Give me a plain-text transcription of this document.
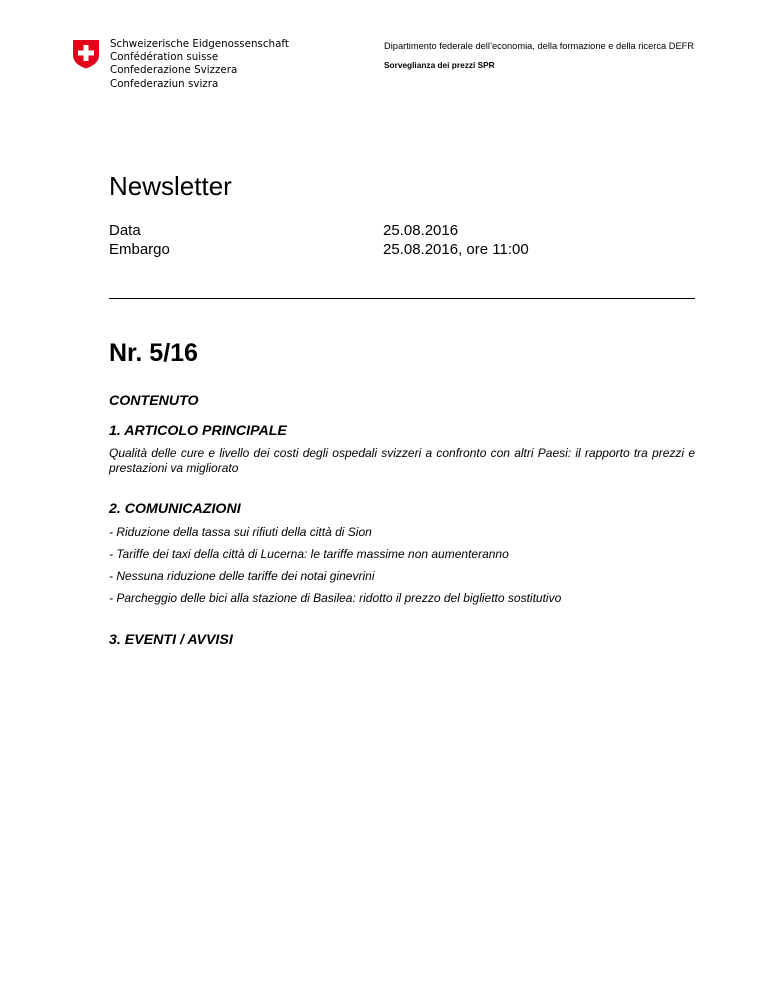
Schweizerische Eidgenossenschaft
Confédération suisse
Confederazione Svizzera
Confederaziun svizra
Dipartimento federale dell’economia, della formazione e della ricerca DEFR
Sorveglianza dei prezzi SPR
Newsletter
Data	25.08.2016
Embargo	25.08.2016, ore 11:00
Nr. 5/16
CONTENUTO
1. ARTICOLO PRINCIPALE

Qualità delle cure e livello dei costi degli ospedali svizzeri a confronto con altri Paesi: il rapporto tra prezzi e prestazioni va migliorato

2. COMUNICAZIONI
- Riduzione della tassa sui rifiuti della città di Sion
- Tariffe dei taxi della città di Lucerna: le tariffe massime non aumenteranno
- Nessuna riduzione delle tariffe dei notai ginevrini
- Parcheggio delle bici alla stazione di Basilea: ridotto il prezzo del biglietto sostitutivo
3. EVENTI / AVVISI
